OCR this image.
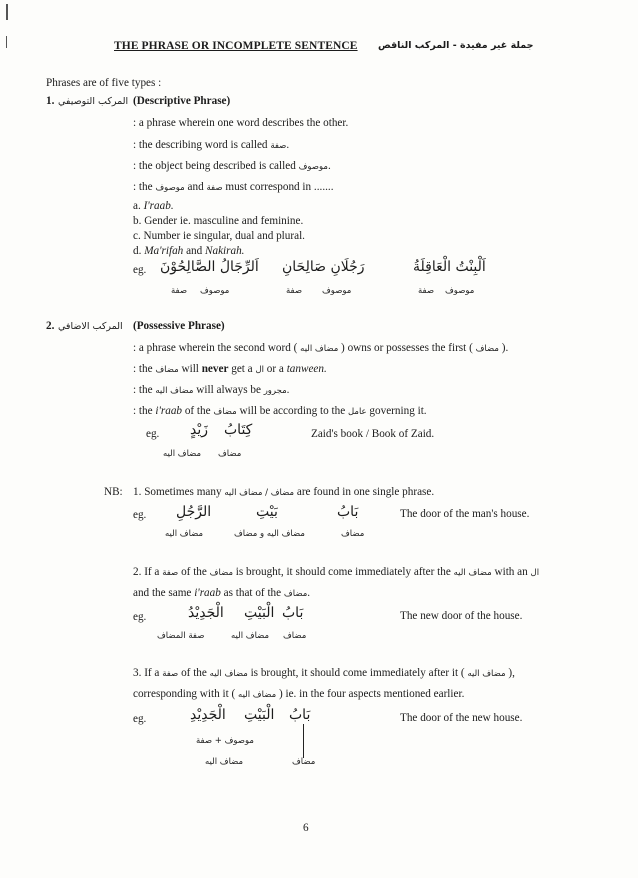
THE PHRASE OR INCOMPLETE SENTENCE جملة غير مفيدة - المركب الناقص
Phrases are of five types :
1. المركب التوصيفي (Descriptive Phrase)
: a phrase wherein one word describes the other.
: the describing word is called صفة.
: the object being described is called موصوف.
: the موصوف and صفة must correspond in .......
a. I'raab.
b. Gender ie. masculine and feminine.
c. Number ie singular, dual and plural.
d. Ma'rifah and Nakirah.
eg. اَلرِّجَالُ الصَّالِحُوْنَ رَجُلَانِ صَالِحَانِ	اَلْبِنْتُ الْعَاقِلَةُ
صفة موصوف	صفة موصوف	صفة موصوف
2. المركب الاضافي (Possessive Phrase)
: a phrase wherein the second word ( مضاف اليه ) owns or possesses the first ( مضاف ).
: the مضاف will never get a ال or a tanween.
: the مضاف اليه will always be مجرور.
: the i'raab of the مضاف will be according to the عامل governing it.
eg. زَيْدٍ كِتَابُ	Zaid's book / Book of Zaid.
مضاف اليه مضاف
NB: 1. Sometimes many مضاف / مضاف اليه are found in one single phrase.
eg. الرَّجُلِ	بَيْتِ	بَابُ	The door of the man's house.
مضاف اليه	مضاف اليه و مضاف	مضاف
2. If a صفة of the مضاف is brought, it should come immediately after the مضاف اليه with an ال
and the same i'raab as that of the مضاف.
eg.	الْجَدِيْدُ الْبَيْتِ بَابُ	The new door of the house.
صفة المضاف	مضاف اليه مضاف
3. If a صفة of the مضاف اليه is brought, it should come immediately after it ( مضاف اليه ),
corresponding with it ( مضاف اليه ) ie. in the four aspects mentioned earlier.
eg.	الْجَدِيْدِ الْبَيْتِ بَابُ	The door of the new house.
موصوف + صفة
مضاف اليه	مضاف
6
